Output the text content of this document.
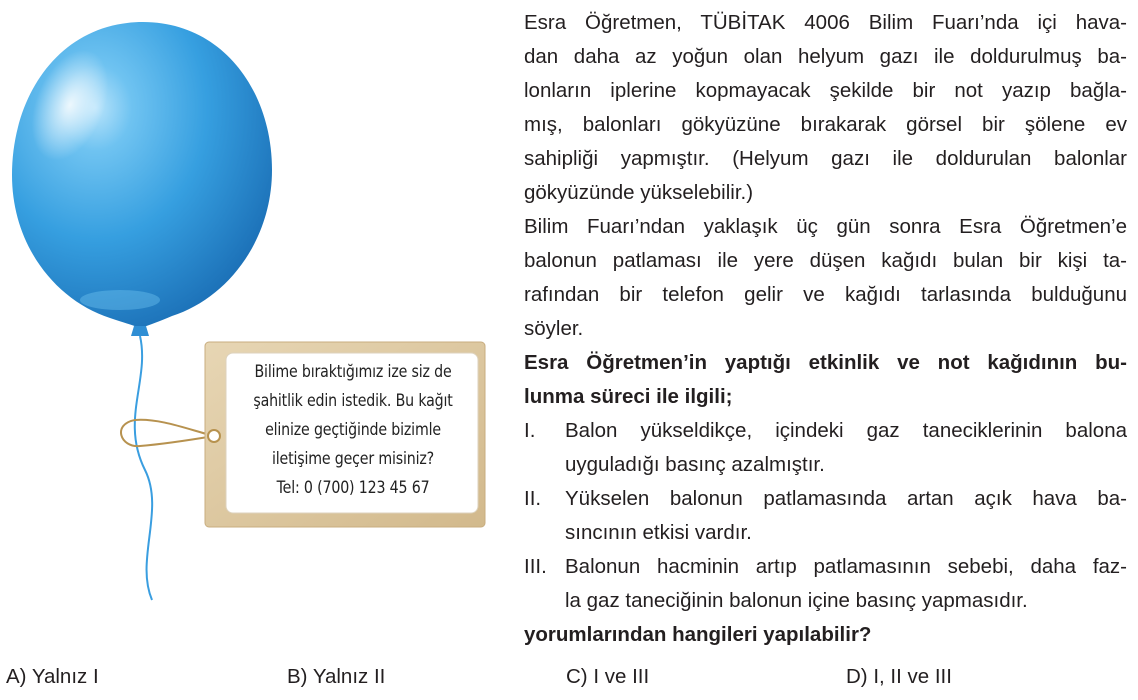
Bilime bıraktığımız ize siz de
şahitlik edin istedik. Bu kağıt
elinize geçtiğinde bizimle
iletişime geçer misiniz?
Tel: 0 (700) 123 45 67
Esra Öğretmen, TÜBİTAK 4006 Bilim Fuarı’nda içi hava-
dan daha az yoğun olan helyum gazı ile doldurulmuş ba-
lonların iplerine kopmayacak şekilde bir not yazıp bağla-
mış, balonları gökyüzüne bırakarak görsel bir şölene ev
sahipliği yapmıştır. (Helyum gazı ile doldurulan balonlar
gökyüzünde yükselebilir.)
Bilim Fuarı’ndan yaklaşık üç gün sonra Esra Öğretmen’e
balonun patlaması ile yere düşen kağıdı bulan bir kişi ta-
rafından bir telefon gelir ve kağıdı tarlasında bulduğunu
söyler.
Esra Öğretmen’in yaptığı etkinlik ve not kağıdının bu-
lunma süreci ile ilgili;
I. Balon yükseldikçe, içindeki gaz taneciklerinin balona
uyguladığı basınç azalmıştır.
II. Yükselen balonun patlamasında artan açık hava ba-
sıncının etkisi vardır.
III. Balonun hacminin artıp patlamasının sebebi, daha faz-
la gaz taneciğinin balonun içine basınç yapmasıdır.
yorumlarından hangileri yapılabilir?
A) Yalnız I	B) Yalnız II	C) I ve III	D) I, II ve III
